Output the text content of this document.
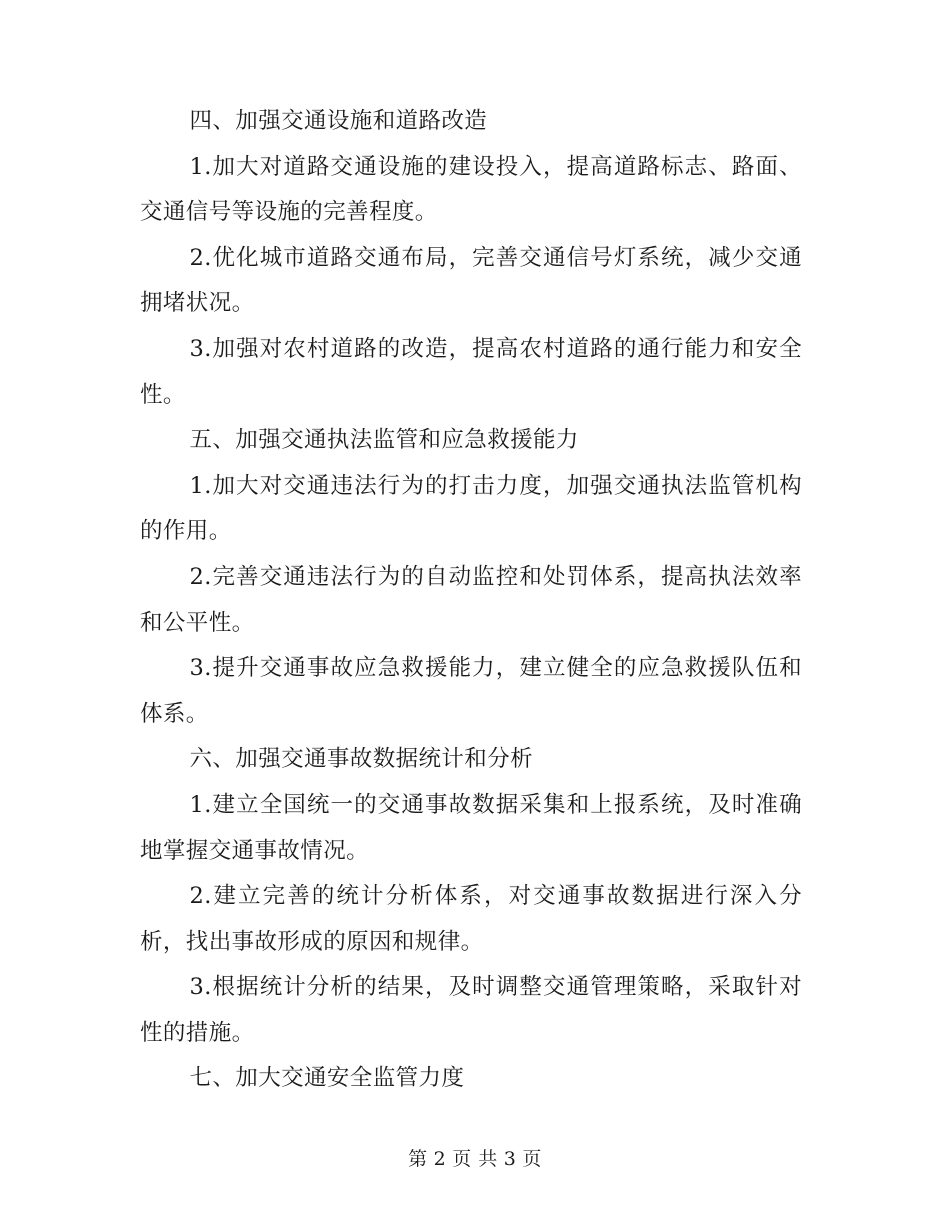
四、加强交通设施和道路改造

1.加大对道路交通设施的建设投入，提高道路标志、路面、交通信号等设施的完善程度。

2.优化城市道路交通布局，完善交通信号灯系统，减少交通拥堵状况。

3.加强对农村道路的改造，提高农村道路的通行能力和安全性。

五、加强交通执法监管和应急救援能力

1.加大对交通违法行为的打击力度，加强交通执法监管机构的作用。

2.完善交通违法行为的自动监控和处罚体系，提高执法效率和公平性。

3.提升交通事故应急救援能力，建立健全的应急救援队伍和体系。

六、加强交通事故数据统计和分析

1.建立全国统一的交通事故数据采集和上报系统，及时准确地掌握交通事故情况。

2.建立完善的统计分析体系，对交通事故数据进行深入分析，找出事故形成的原因和规律。

3.根据统计分析的结果，及时调整交通管理策略，采取针对性的措施。

七、加大交通安全监管力度

第 2 页 共 3 页
